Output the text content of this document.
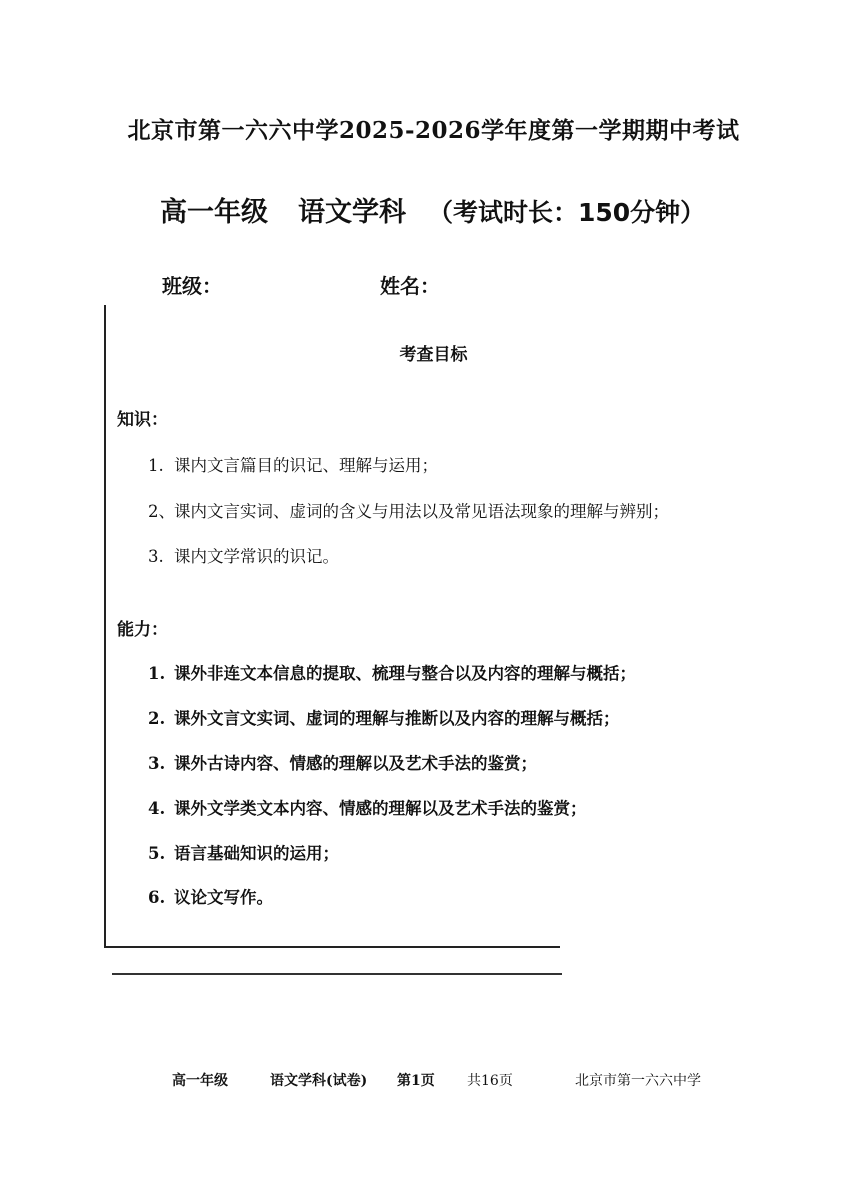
北京市第一六六中学2025-2026学年度第一学期期中考试
高一年级 语文学科 （考试时长：150分钟）
班级：	姓名：
考查目标
知识：
1. 课内文言篇目的识记、理解与运用；
2、课内文言实词、虚词的含义与用法以及常见语法现象的理解与辨别；
3. 课内文学常识的识记。
能力：
1. 课外非连文本信息的提取、梳理与整合以及内容的理解与概括；
2. 课外文言文实词、虚词的理解与推断以及内容的理解与概括；
3. 课外古诗内容、情感的理解以及艺术手法的鉴赏；
4. 课外文学类文本内容、情感的理解以及艺术手法的鉴赏；
5. 语言基础知识的运用；
6. 议论文写作。
高一年级	语文学科(试卷) 第1页 共16页	北京市第一六六中学
